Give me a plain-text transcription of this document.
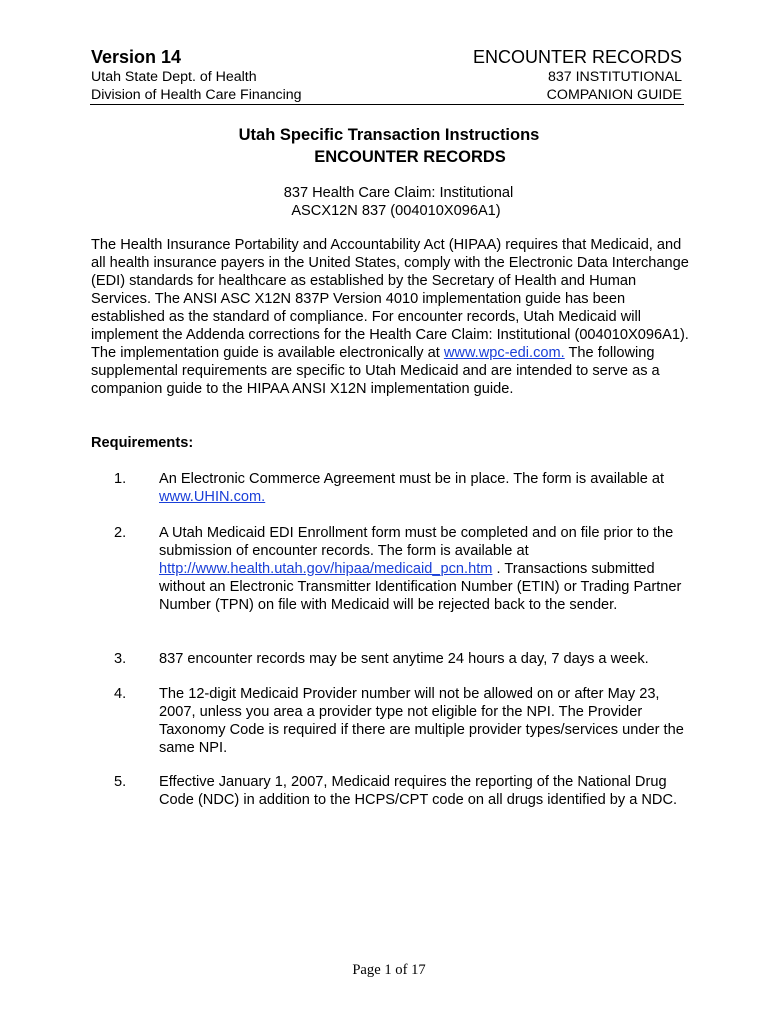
Version 14	ENCOUNTER RECORDS
Utah State Dept. of Health	837 INSTITUTIONAL
Division of Health Care Financing	COMPANION GUIDE
Utah Specific Transaction Instructions
ENCOUNTER RECORDS
837 Health Care Claim: Institutional
ASCX12N 837 (004010X096A1)

The Health Insurance Portability and Accountability Act (HIPAA) requires that Medicaid, and all health insurance payers in the United States, comply with the Electronic Data Interchange (EDI) standards for healthcare as established by the Secretary of Health and Human Services. The ANSI ASC X12N 837P Version 4010 implementation guide has been established as the standard of compliance. For encounter records, Utah Medicaid will implement the Addenda corrections for the Health Care Claim: Institutional (004010X096A1). The implementation guide is available electronically at www.wpc-edi.com. The following supplemental requirements are specific to Utah Medicaid and are intended to serve as a companion guide to the HIPAA ANSI X12N implementation guide.

Requirements:
1. An Electronic Commerce Agreement must be in place. The form is available at www.UHIN.com.

2. A Utah Medicaid EDI Enrollment form must be completed and on file prior to the submission of encounter records. The form is available at http://www.health.utah.gov/hipaa/medicaid_pcn.htm . Transactions submitted without an Electronic Transmitter Identification Number (ETIN) or Trading Partner Number (TPN) on file with Medicaid will be rejected back to the sender.

3. 837 encounter records may be sent anytime 24 hours a day, 7 days a week.

4. The 12-digit Medicaid Provider number will not be allowed on or after May 23, 2007, unless you area a provider type not eligible for the NPI. The Provider Taxonomy Code is required if there are multiple provider types/services under the same NPI.

5. Effective January 1, 2007, Medicaid requires the reporting of the National Drug Code (NDC) in addition to the HCPS/CPT code on all drugs identified by a NDC.

Page 1 of 17
